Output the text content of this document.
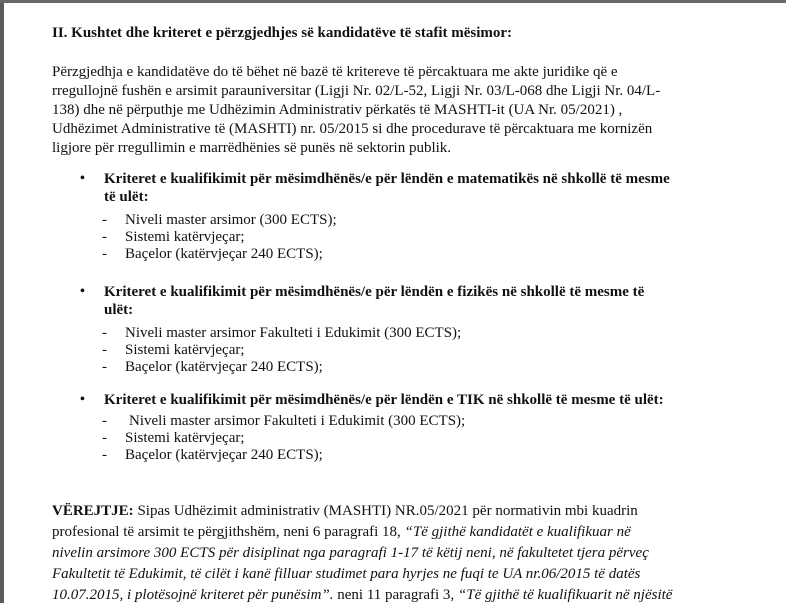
II. Kushtet dhe kriteret e përzgjedhjes së kandidatëve të stafit mësimor:
Përzgjedhja e kandidatëve do të bëhet në bazë të kritereve të përcaktuara me akte juridike që e
rregullojnë fushën e arsimit parauniversitar (Ligji Nr. 02/L-52, Ligji Nr. 03/L-068 dhe Ligji Nr. 04/L-
138) dhe në përputhje me Udhëzimin Administrativ përkatës të MASHTI-it (UA Nr. 05/2021) ,
Udhëzimet Administrative të (MASHTI) nr. 05/2015 si dhe procedurave të përcaktuara me kornizën
ligjore për rregullimin e marrëdhënies së punës në sektorin publik.
• Kriteret e kualifikimit për mësimdhënës/e për lëndën e matematikës në shkollë të mesme
të ulët:
- Niveli master arsimor (300 ECTS);
- Sistemi katërvjeçar;
- Baçelor (katërvjeçar 240 ECTS);
• Kriteret e kualifikimit për mësimdhënës/e për lëndën e fizikës në shkollë të mesme të
ulët:
- Niveli master arsimor Fakulteti i Edukimit (300 ECTS);
- Sistemi katërvjeçar;
- Baçelor (katërvjeçar 240 ECTS);
• Kriteret e kualifikimit për mësimdhënës/e për lëndën e TIK në shkollë të mesme të ulët:
- Niveli master arsimor Fakulteti i Edukimit (300 ECTS);
- Sistemi katërvjeçar;
- Baçelor (katërvjeçar 240 ECTS);
VËREJTJE: Sipas Udhëzimit administrativ (MASHTI) NR.05/2021 për normativin mbi kuadrin
profesional të arsimit te përgjithshëm, neni 6 paragrafi 18, “Të gjithë kandidatët e kualifikuar në
nivelin arsimore 300 ECTS për disiplinat nga paragrafi 1-17 të këtij neni, në fakultetet tjera përveç
Fakultetit të Edukimit, të cilët i kanë filluar studimet para hyrjes ne fuqi te UA nr.06/2015 të datës
10.07.2015, i plotësojnë kriteret për punësim”. neni 11 paragrafi 3, “Të gjithë të kualifikuarit në njësitë
